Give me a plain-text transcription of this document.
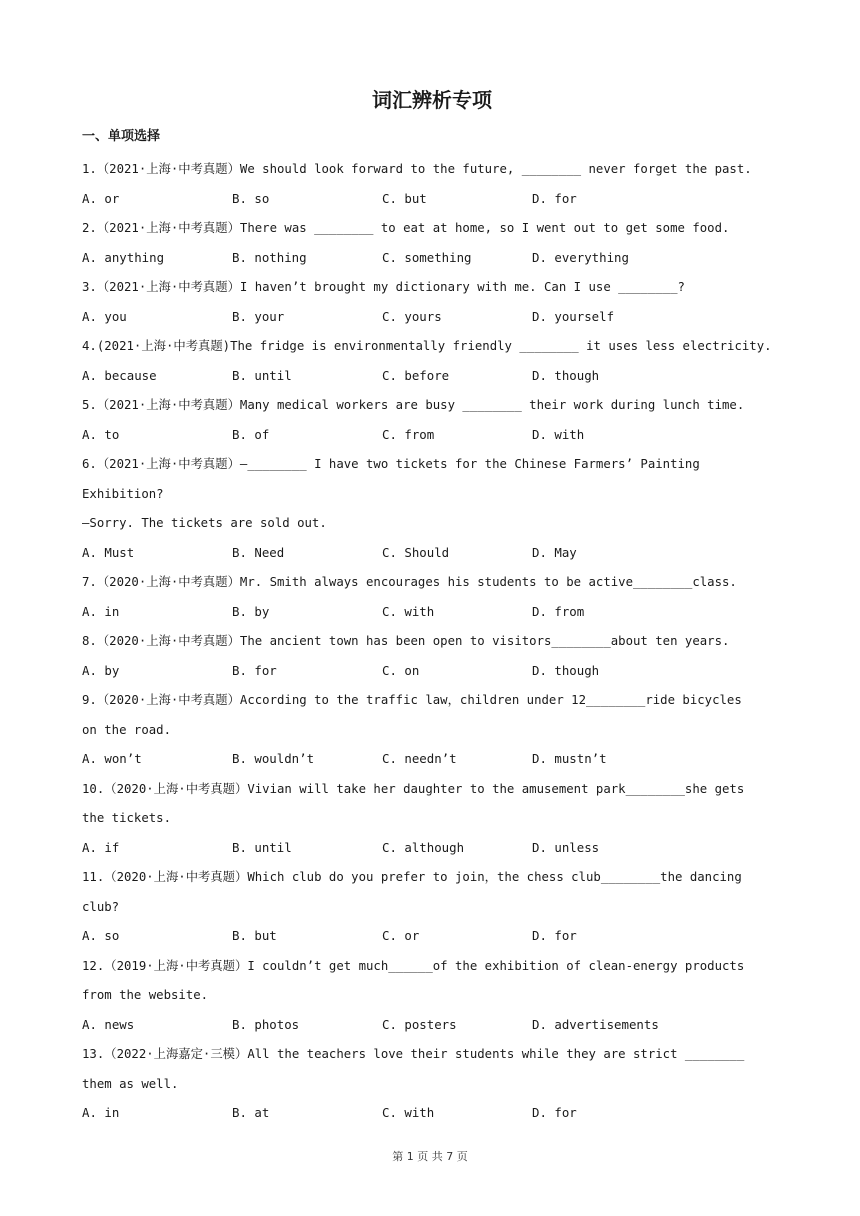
词汇辨析专项
一、单项选择
1.（2021·上海·中考真题）We should look forward to the future, ________ never forget the past.
A. or	B. so	C. but	D. for
2.（2021·上海·中考真题）There was ________ to eat at home, so I went out to get some food.
A. anything	B. nothing	C. something	D. everything
3.（2021·上海·中考真题）I haven’t brought my dictionary with me. Can I use ________?
A. you	B. your	C. yours	D. yourself
4.(2021·上海·中考真题)The fridge is environmentally friendly ________ it uses less electricity.
A. because	B. until	C. before	D. though
5.（2021·上海·中考真题）Many medical workers are busy ________ their work during lunch time.
A. to	B. of	C. from	D. with
6.（2021·上海·中考真题）—________ I have two tickets for the Chinese Farmers’ Painting
Exhibition?
—Sorry. The tickets are sold out.
A. Must	B. Need	C. Should	D. May
7.（2020·上海·中考真题）Mr. Smith always encourages his students to be active________class.
A. in	B. by	C. with	D. from
8.（2020·上海·中考真题）The ancient town has been open to visitors________about ten years.
A. by	B. for	C. on	D. though
9.（2020·上海·中考真题）According to the traffic law，children under 12________ride bicycles
on the road.
A. won’t	B. wouldn’t	C. needn’t	D. mustn’t
10.（2020·上海·中考真题）Vivian will take her daughter to the amusement park________she gets
the tickets.
A. if	B. until	C. although	D. unless
11.（2020·上海·中考真题）Which club do you prefer to join，the chess club________the dancing
club?
A. so	B. but	C. or	D. for
12.（2019·上海·中考真题）I couldn’t get much______of the exhibition of clean-energy products
from the website.
A. news	B. photos	C. posters	D. advertisements
13.（2022·上海嘉定·三模）All the teachers love their students while they are strict ________
them as well.
A. in	B. at	C. with	D. for
第 1 页 共 7 页
